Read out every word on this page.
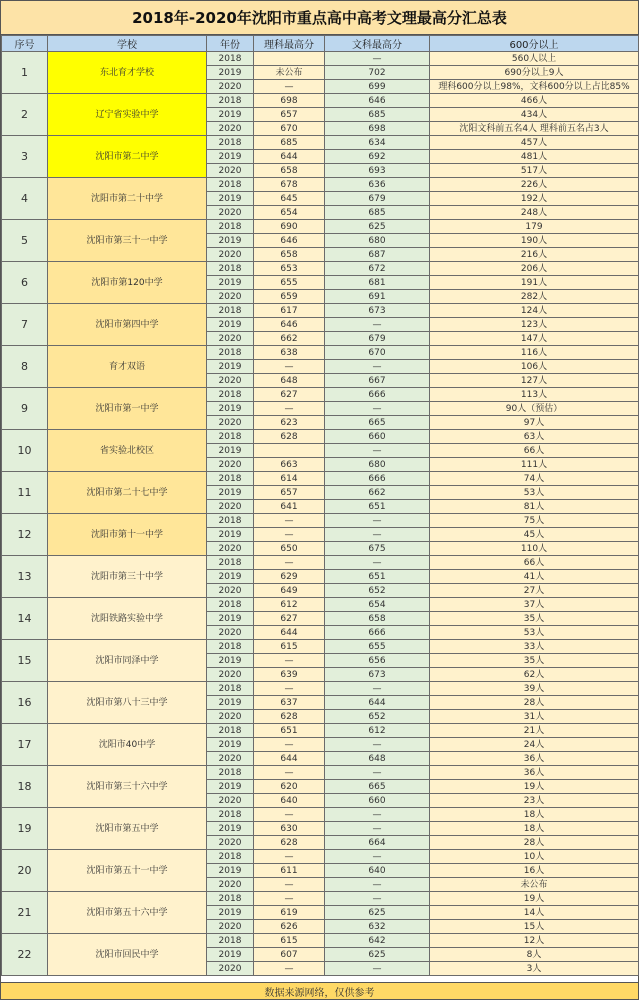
2018年-2020年沈阳市重点高中高考文理最高分汇总表
序号	学校	年份	理科最高分	文科最高分	600分以上
1	东北育才学校	2018		—	560人以上
		2019	未公布	702	690分以上9人
		2020	—	699	理科600分以上98%，文科600分以上占比85%
2	辽宁省实验中学	2018	698	646	466人
		2019	657	685	434人
		2020	670	698	沈阳文科前五名4人 理科前五名占3人
3	沈阳市第二中学	2018	685	634	457人
		2019	644	692	481人
		2020	658	693	517人
4	沈阳市第二十中学	2018	678	636	226人
		2019	645	679	192人
		2020	654	685	248人
5	沈阳市第三十一中学	2018	690	625	179
		2019	646	680	190人
		2020	658	687	216人
6	沈阳市第120中学	2018	653	672	206人
		2019	655	681	191人
		2020	659	691	282人
7	沈阳市第四中学	2018	617	673	124人
		2019	646	—	123人
		2020	662	679	147人
8	育才双语	2018	638	670	116人
		2019	—	—	106人
		2020	648	667	127人
9	沈阳市第一中学	2018	627	666	113人
		2019	—	—	90人（预估）
		2020	623	665	97人
10	省实验北校区	2018	628	660	63人
		2019		—	66人
		2020	663	680	111人
11	沈阳市第二十七中学	2018	614	666	74人
		2019	657	662	53人
		2020	641	651	81人
12	沈阳市第十一中学	2018	—	—	75人
		2019	—	—	45人
		2020	650	675	110人
13	沈阳市第三十中学	2018	—	—	66人
		2019	629	651	41人
		2020	649	652	27人
14	沈阳铁路实验中学	2018	612	654	37人
		2019	627	658	35人
		2020	644	666	53人
15	沈阳市同泽中学	2018	615	655	33人
		2019	—	656	35人
		2020	639	673	62人
16	沈阳市第八十三中学	2018	—	—	39人
		2019	637	644	28人
		2020	628	652	31人
17	沈阳市40中学	2018	651	612	21人
		2019	—	—	24人
		2020	644	648	36人
18	沈阳市第三十六中学	2018	—	—	36人
		2019	620	665	19人
		2020	640	660	23人
19	沈阳市第五中学	2018	—	—	18人
		2019	630	—	18人
		2020	628	664	28人
20	沈阳市第五十一中学	2018	—	—	10人
		2019	611	640	16人
		2020	—	—	未公布
21	沈阳市第五十六中学	2018	—	—	19人
		2019	619	625	14人
		2020	626	632	15人
22	沈阳市回民中学	2018	615	642	12人
		2019	607	625	8人
		2020	—	—	3人
数据来源网络，仅供参考
